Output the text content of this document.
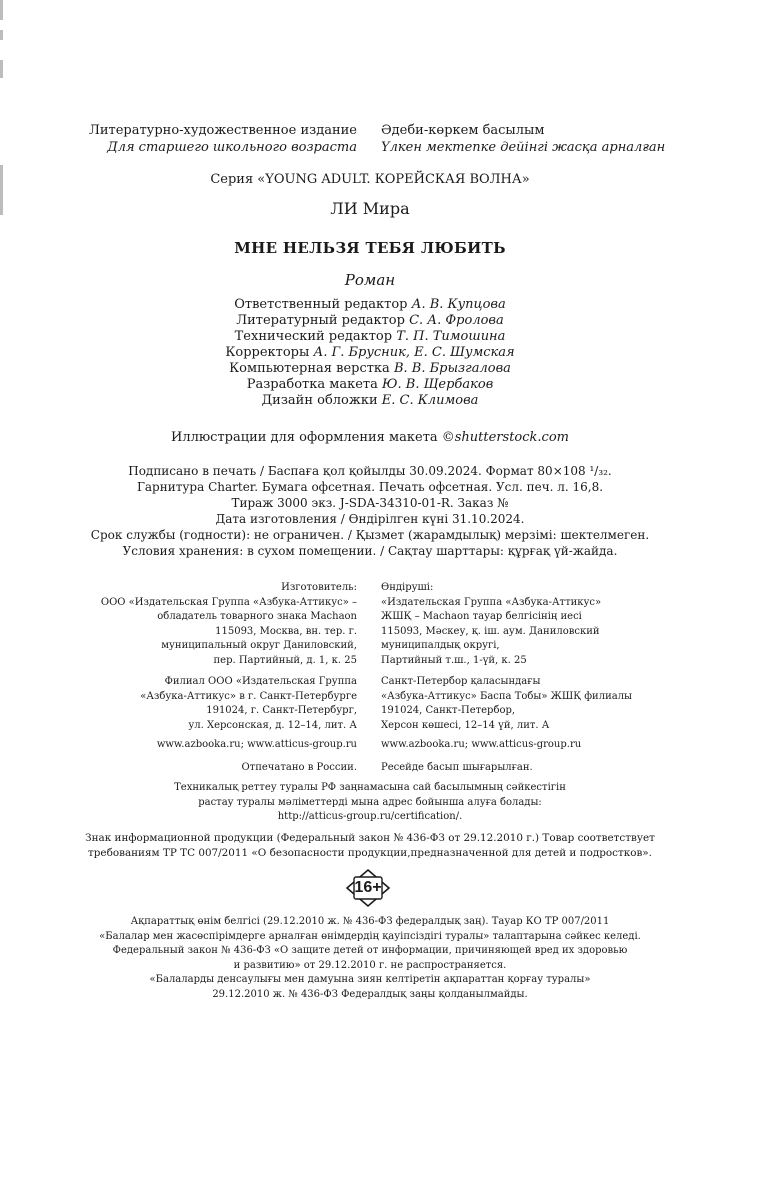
Литературно-художественное издание
Для старшего школьного возраста
Әдеби-көркем басылым
Үлкен мектепке дейінгі жасқа арналған
Серия «YOUNG ADULT. КОРЕЙСКАЯ ВОЛНА»
ЛИ Мира
МНЕ НЕЛЬЗЯ ТЕБЯ ЛЮБИТЬ
Роман
Ответственный редактор А. В. Купцова
Литературный редактор С. А. Фролова
Технический редактор Т. П. Тимошина
Корректоры А. Г. Брусник, Е. С. Шумская
Компьютерная верстка В. В. Брызгалова
Разработка макета Ю. В. Щербаков
Дизайн обложки Е. С. Климова
Иллюстрации для оформления макета ©shutterstock.com
Подписано в печать / Баспаға қол қойылды 30.09.2024. Формат 80×108 ¹/₃₂.
Гарнитура Charter. Бумага офсетная. Печать офсетная. Усл. печ. л. 16,8.
Тираж 3000 экз. J-SDA-34310-01-R. Заказ №
Дата изготовления / Өндірілген күні 31.10.2024.
Срок службы (годности): не ограничен. / Қызмет (жарамдылық) мерзімі: шектелмеген.
Условия хранения: в сухом помещении. / Сақтау шарттары: құрғақ үй-жайда.
Изготовитель:
ООО «Издательская Группа «Азбука-Аттикус» –
обладатель товарного знака Machaon
115093, Москва, вн. тер. г.
муниципальный округ Даниловский,
пер. Партийный, д. 1, к. 25
Өндіруші:
«Издательская Группа «Азбука-Аттикус»
ЖШҚ – Machaon тауар белгісінің иесі
115093, Мәскеу, қ. іш. аум. Даниловский
муниципалдық округі,
Партийный т.ш., 1-үй, к. 25
Филиал ООО «Издательская Группа
«Азбука-Аттикус» в г. Санкт-Петербурге
191024, г. Санкт-Петербург,
ул. Херсонская, д. 12–14, лит. А
Санкт-Петербор қаласындағы
«Азбука-Аттикус» Баспа Тобы» ЖШҚ филиалы
191024, Санкт-Петербор,
Херсон көшесі, 12–14 үй, лит. А
www.azbooka.ru; www.atticus-group.ru www.azbooka.ru; www.atticus-group.ru
Отпечатано в России. Ресейде басып шығарылған.
Техникалық реттеу туралы РФ заңнамасына сай басылымның сәйкестігін
растау туралы мәліметтерді мына адрес бойынша алуға болады:
http://atticus-group.ru/certification/.
Знак информационной продукции (Федеральный закон № 436-ФЗ от 29.12.2010 г.) Товар соответствует
требованиям ТР ТС 007/2011 «О безопасности продукции,предназначенной для детей и подростков».
16+
Ақпараттық өнім белгісі (29.12.2010 ж. № 436-ФЗ федералдық заң). Тауар КО ТР 007/2011
«Балалар мен жасөспірімдерге арналған өнімдердің қауіпсіздігі туралы» талаптарына сәйкес келеді.
Федеральный закон № 436-ФЗ «О защите детей от информации, причиняющей вред их здоровью
и развитию» от 29.12.2010 г. не распространяется.
«Балаларды денсаулығы мен дамуына зиян келтіретін ақпараттан қорғау туралы»
29.12.2010 ж. № 436-ФЗ Федералдық заңы қолданылмайды.
